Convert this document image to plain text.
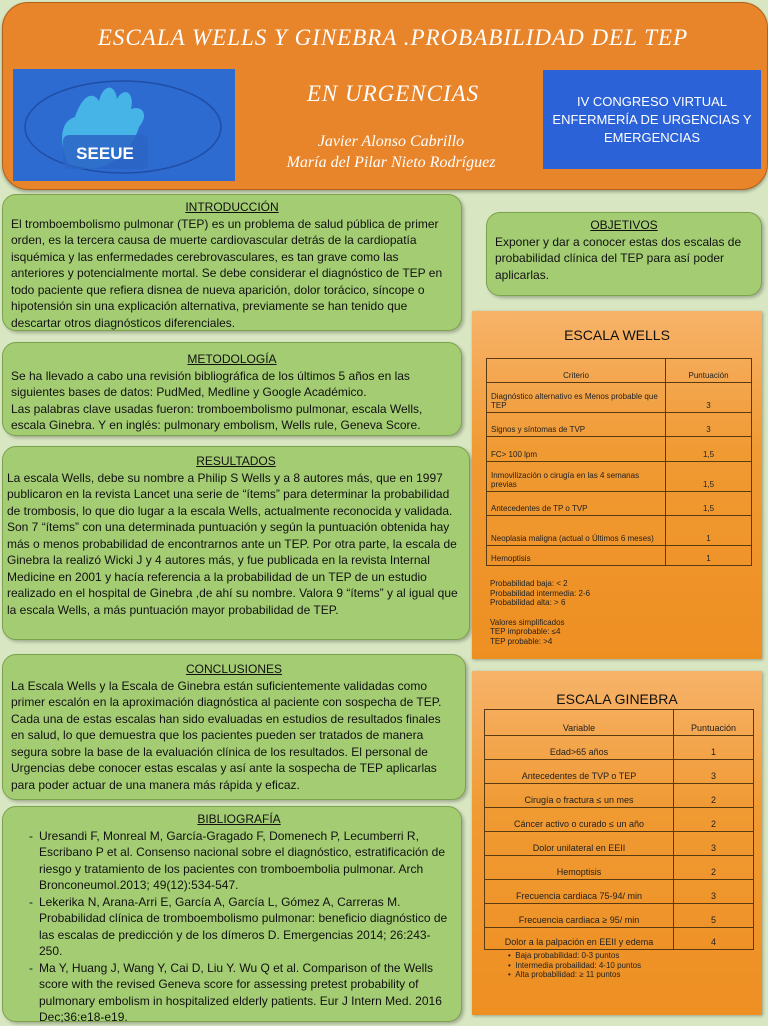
ESCALA WELLS Y GINEBRA .PROBABILIDAD DEL TEP
EN URGENCIAS
SEEUE
Javier Alonso Cabrillo
María del Pilar Nieto Rodríguez
IV CONGRESO VIRTUAL ENFERMERÍA DE URGENCIAS Y EMERGENCIAS
INTRODUCCIÓN

El tromboembolismo pulmonar (TEP) es un problema de salud pública de primer orden, es la tercera causa de muerte cardiovascular detrás de la cardiopatía isquémica y las enfermedades cerebrovasculares, es tan grave como las anteriores y potencialmente mortal. Se debe considerar el diagnóstico de TEP en todo paciente que refiera disnea de nueva aparición, dolor torácico, síncope o hipotensión sin una explicación alternativa, previamente se han tenido que descartar otros diagnósticos diferenciales.

OBJETIVOS

Exponer y dar a conocer estas dos escalas de probabilidad clínica del TEP para así poder aplicarlas.

METODOLOGÍA

Se ha llevado a cabo una revisión bibliográfica de los últimos 5 años en las siguientes bases de datos: PudMed, Medline y Google Académico.

Las palabras clave usadas fueron: tromboembolismo pulmonar, escala Wells, escala Ginebra. Y en inglés: pulmonary embolism, Wells rule, Geneva Score.

RESULTADOS

La escala Wells, debe su nombre a Philip S Wells y a 8 autores más, que en 1997 publicaron en la revista Lancet una serie de “ítems” para determinar la probabilidad de trombosis, lo que dio lugar a la escala Wells, actualmente reconocida y validada. Son 7 “ítems” con una determinada puntuación y según la puntuación obtenida hay más o menos probabilidad de encontrarnos ante un TEP. Por otra parte, la escala de Ginebra la realizó Wicki J y 4 autores más, y fue publicada en la revista Internal Medicine en 2001 y hacía referencia a la probabilidad de un TEP de un estudio realizado en el hospital de Ginebra ,de ahí su nombre. Valora 9 “ítems” y al igual que la escala Wells, a más puntuación mayor probabilidad de TEP.

CONCLUSIONES

La Escala Wells y la Escala de Ginebra están suficientemente validadas como primer escalón en la aproximación diagnóstica al paciente con sospecha de TEP. Cada una de estas escalas han sido evaluadas en estudios de resultados finales en salud, lo que demuestra que los pacientes pueden ser tratados de manera segura sobre la base de la evaluación clínica de los resultados. El personal de Urgencias debe conocer estas escalas y así ante la sospecha de TEP aplicarlas para poder actuar de una manera más rápida y eficaz.

BIBLIOGRAFÍA
- Uresandi F, Monreal M, García-Gragado F, Domenech P, Lecumberri R, Escribano P et al. Consenso nacional sobre el diagnóstico, estratificación de riesgo y tratamiento de los pacientes con tromboembolia pulmonar. Arch Bronconeumol.2013; 49(12):534-547.
- Lekerika N, Arana-Arri E, García A, García L, Gómez A, Carreras M. Probabilidad clínica de tromboembolismo pulmonar: beneficio diagnóstico de las escalas de predicción y de los dímeros D. Emergencias 2014; 26:243-250.
- Ma Y, Huang J, Wang Y, Cai D, Liu Y. Wu Q et al. Comparison of the Wells score with the revised Geneva score for assessing pretest probability of pulmonary embolism in hospitalized elderly patients. Eur J Intern Med. 2016 Dec;36:e18-e19.
ESCALA WELLS
Criterio	Puntuación
Diagnóstico alternativo es Menos probable que TEP	3
Signos y síntomas de TVP	3
FC> 100 lpm	1,5
Inmovilización o cirugía en las 4 semanas previas	1,5
Antecedentes de TP o TVP	1,5
Neoplasia maligna (actual o Últimos 6 meses)	1
Hemoptisis	1
Probabilidad baja: < 2
Probabilidad intermedia: 2-6
Probabilidad alta: > 6
Valores simplificados
TEP improbable: ≤4
TEP probable: >4
ESCALA GINEBRA
Variable	Puntuación
Edad>65 años	1
Antecedentes de TVP o TEP	3
Cirugía o fractura ≤ un mes	2
Cáncer activo o curado ≤ un año	2
Dolor unilateral en EEII	3
Hemoptisis	2
Frecuencia cardiaca 75-94/ min	3
Frecuencia cardiaca ≥ 95/ min	5
Dolor a la palpación en EEII y edema	4
•  Baja probabilidad: 0-3 puntos
•  Intermedia probailidad: 4-10 puntos
•  Alta probabilidad: ≥ 11 puntos
